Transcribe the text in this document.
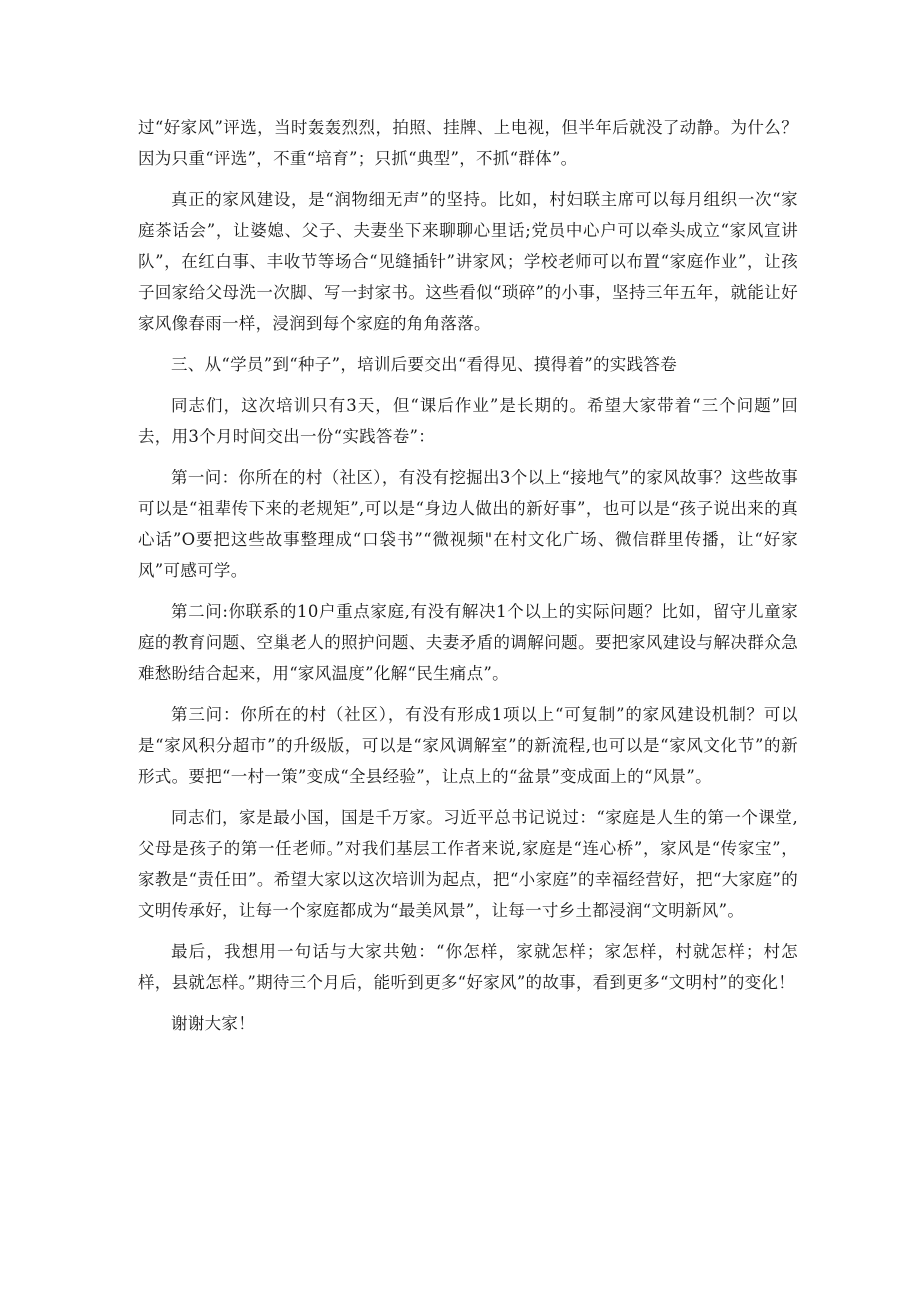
过“好家风”评选，当时轰轰烈烈，拍照、挂牌、上电视，但半年后就没了动静。为什么？因为只重“评选”，不重“培育”；只抓“典型”，不抓“群体”。

真正的家风建设，是“润物细无声”的坚持。比如，村妇联主席可以每月组织一次“家庭茶话会”，让婆媳、父子、夫妻坐下来聊聊心里话;党员中心户可以牵头成立“家风宣讲队”，在红白事、丰收节等场合“见缝插针”讲家风；学校老师可以布置“家庭作业”，让孩子回家给父母洗一次脚、写一封家书。这些看似“琐碎”的小事，坚持三年五年，就能让好家风像春雨一样，浸润到每个家庭的角角落落。

三、从“学员”到“种子”，培训后要交出“看得见、摸得着”的实践答卷

同志们，这次培训只有3天，但“课后作业”是长期的。希望大家带着“三个问题”回去，用3个月时间交出一份“实践答卷”：

第一问：你所在的村（社区），有没有挖掘出3个以上“接地气”的家风故事？这些故事可以是“祖辈传下来的老规矩”,可以是“身边人做出的新好事”，也可以是“孩子说出来的真心话”O要把这些故事整理成“口袋书”“微视频"在村文化广场、微信群里传播，让“好家风”可感可学。

第二问:你联系的10户重点家庭,有没有解决1个以上的实际问题？比如，留守儿童家庭的教育问题、空巢老人的照护问题、夫妻矛盾的调解问题。要把家风建设与解决群众急难愁盼结合起来，用“家风温度”化解“民生痛点”。

第三问：你所在的村（社区），有没有形成1项以上“可复制”的家风建设机制？可以是“家风积分超市”的升级版，可以是“家风调解室”的新流程,也可以是“家风文化节”的新形式。要把“一村一策”变成“全县经验”，让点上的“盆景”变成面上的“风景”。

同志们，家是最小国，国是千万家。习近平总书记说过：“家庭是人生的第一个课堂,父母是孩子的第一任老师。”对我们基层工作者来说,家庭是“连心桥”，家风是“传家宝”，家教是“责任田”。希望大家以这次培训为起点，把“小家庭”的幸福经营好，把“大家庭”的文明传承好，让每一个家庭都成为“最美风景”，让每一寸乡土都浸润“文明新风”。

最后，我想用一句话与大家共勉：“你怎样，家就怎样；家怎样，村就怎样；村怎样，县就怎样。”期待三个月后，能听到更多“好家风”的故事，看到更多“文明村”的变化！

谢谢大家！
